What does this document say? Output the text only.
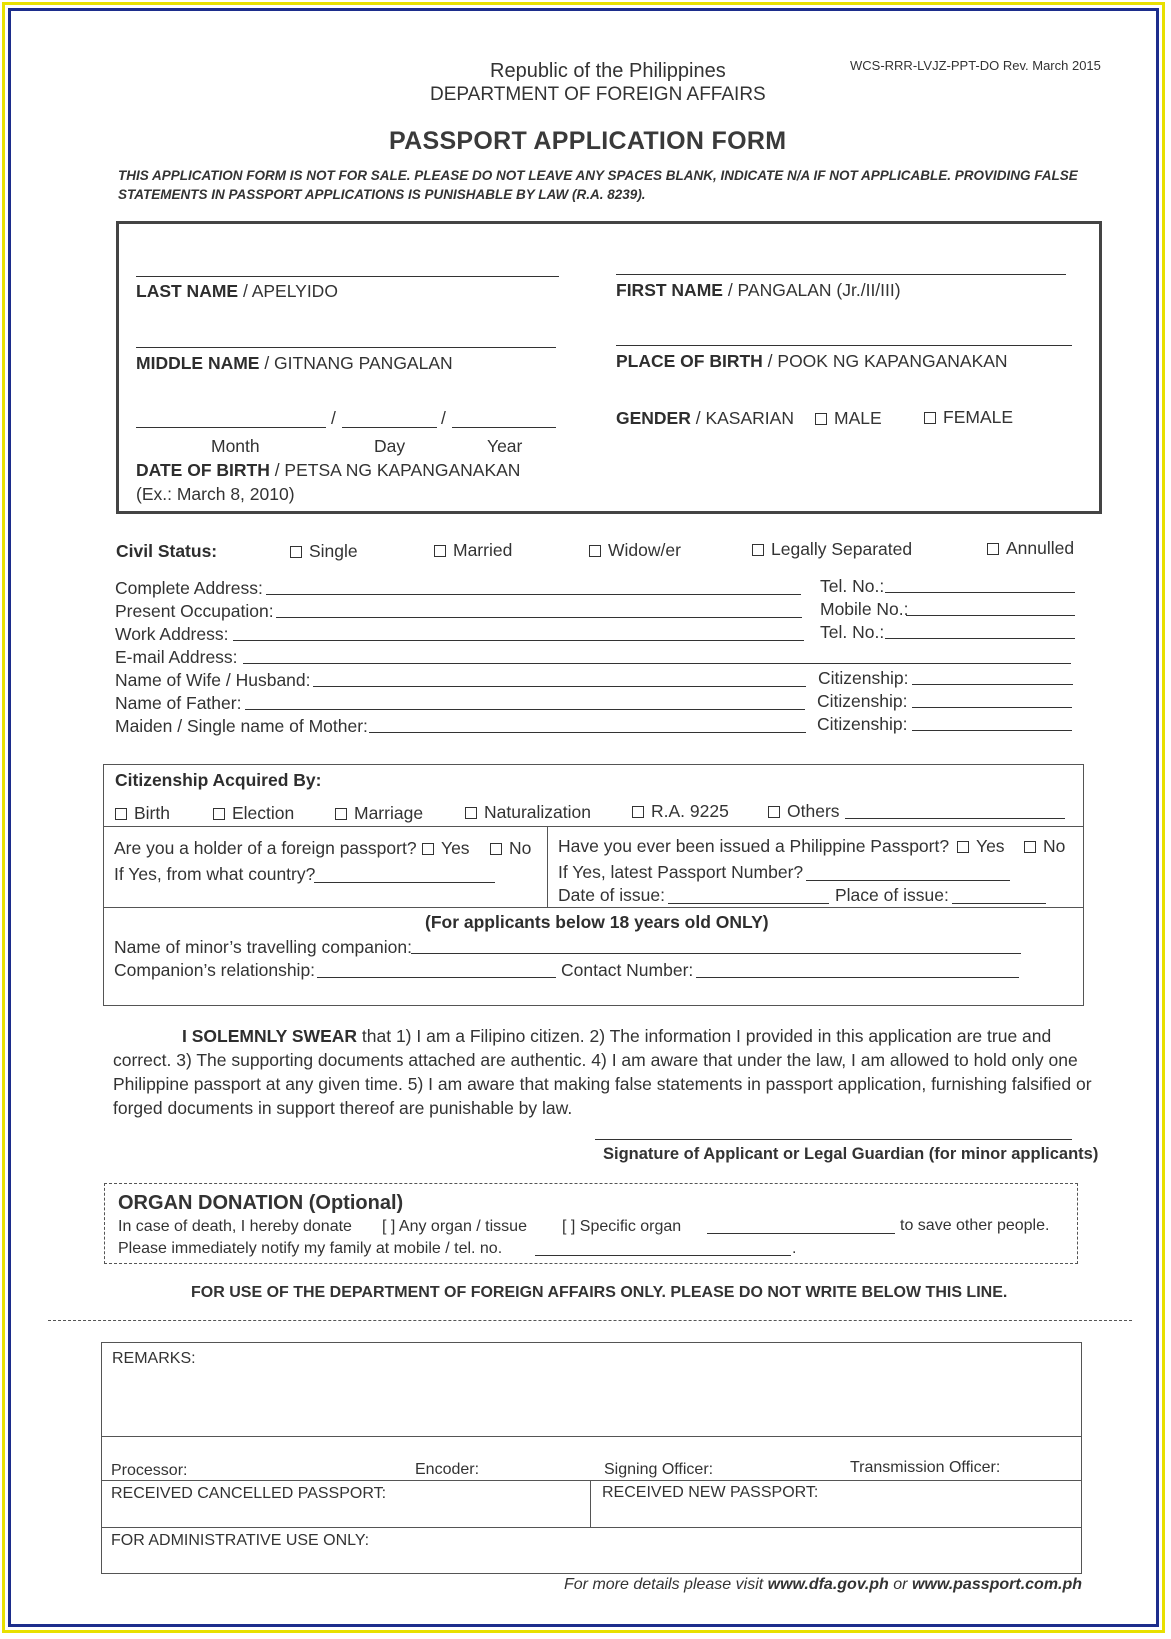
Republic of the Philippines
DEPARTMENT OF FOREIGN AFFAIRS
WCS-RRR-LVJZ-PPT-DO Rev. March 2015
PASSPORT APPLICATION FORM
THIS APPLICATION FORM IS NOT FOR SALE. PLEASE DO NOT LEAVE ANY SPACES BLANK, INDICATE N/A IF NOT APPLICABLE. PROVIDING FALSE
STATEMENTS IN PASSPORT APPLICATIONS IS PUNISHABLE BY LAW (R.A. 8239).
LAST NAME / APELYIDO	FIRST NAME / PANGALAN (Jr./II/III)
MIDDLE NAME / GITNANG PANGALAN	PLACE OF BIRTH / POOK NG KAPANGANAKAN
/	/
Month	Day	Year
DATE OF BIRTH / PETSA NG KAPANGANAKAN
(Ex.: March 8, 2010)
GENDER / KASARIAN	MALE	FEMALE
Civil Status:	Single	Married	Widow/er	Legally Separated	Annulled
Complete Address:	Tel. No.:
Present Occupation:	Mobile No.:
Work Address:	Tel. No.:
E-mail Address:
Name of Wife / Husband:	Citizenship:
Name of Father:	Citizenship:
Maiden / Single name of Mother:	Citizenship:
Citizenship Acquired By:
Birth	Election	Marriage	Naturalization	R.A. 9225	Others
Are you a holder of a foreign passport?	Yes	No
If Yes, from what country?
Have you ever been issued a Philippine Passport?	Yes	No
If Yes, latest Passport Number?
Date of issue:	Place of issue:
(For applicants below 18 years old ONLY)
Name of minor’s travelling companion:
Companion’s relationship:	Contact Number:
I SOLEMNLY SWEAR that 1) I am a Filipino citizen. 2) The information I provided in this application are true and
correct. 3) The supporting documents attached are authentic. 4) I am aware that under the law, I am allowed to hold only one
Philippine passport at any given time. 5) I am aware that making false statements in passport application, furnishing falsified or
forged documents in support thereof are punishable by law.
Signature of Applicant or Legal Guardian (for minor applicants)
ORGAN DONATION (Optional)
In case of death, I hereby donate [ ] Any organ / tissue [ ] Specific organ	to save other people.
Please immediately notify my family at mobile / tel. no.	.
FOR USE OF THE DEPARTMENT OF FOREIGN AFFAIRS ONLY. PLEASE DO NOT WRITE BELOW THIS LINE.
REMARKS:
Processor:	Encoder:	Signing Officer:	Transmission Officer:
RECEIVED CANCELLED PASSPORT:	RECEIVED NEW PASSPORT:
FOR ADMINISTRATIVE USE ONLY:
For more details please visit www.dfa.gov.ph or www.passport.com.ph
